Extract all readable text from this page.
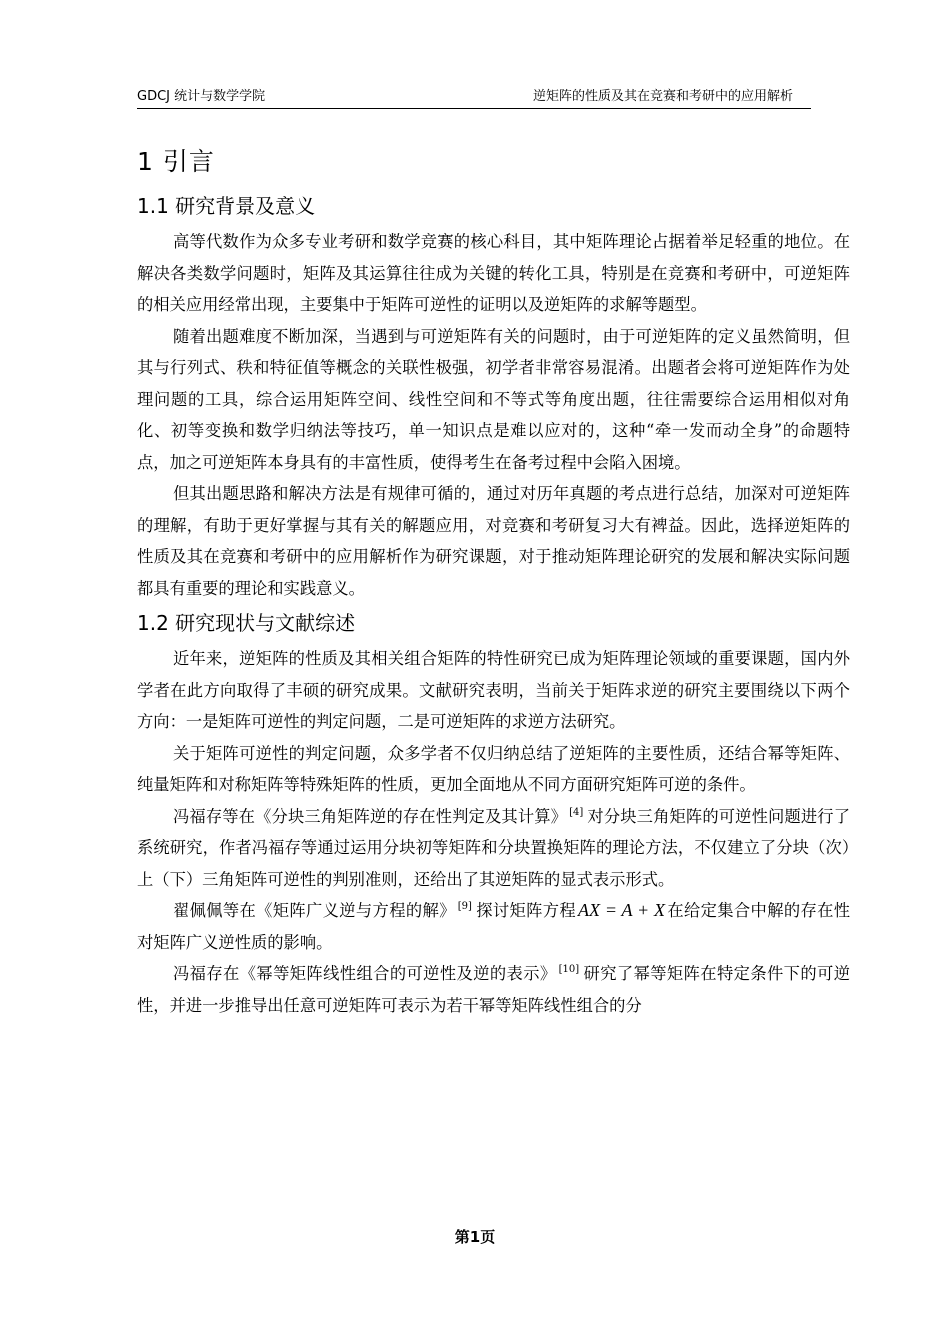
GDCJ 统计与数学学院	逆矩阵的性质及其在竞赛和考研中的应用解析
1 引言
1.1 研究背景及意义

高等代数作为众多专业考研和数学竞赛的核心科目，其中矩阵理论占据着举足轻重的地位。在解决各类数学问题时，矩阵及其运算往往成为关键的转化工具，特别是在竞赛和考研中，可逆矩阵的相关应用经常出现，主要集中于矩阵可逆性的证明以及逆矩阵的求解等题型。

随着出题难度不断加深，当遇到与可逆矩阵有关的问题时，由于可逆矩阵的定义虽然简明，但其与行列式、秩和特征值等概念的关联性极强，初学者非常容易混淆。出题者会将可逆矩阵作为处理问题的工具，综合运用矩阵空间、线性空间和不等式等角度出题，往往需要综合运用相似对角化、初等变换和数学归纳法等技巧，单一知识点是难以应对的，这种“牵一发而动全身”的命题特点，加之可逆矩阵本身具有的丰富性质，使得考生在备考过程中会陷入困境。

但其出题思路和解决方法是有规律可循的，通过对历年真题的考点进行总结，加深对可逆矩阵的理解，有助于更好掌握与其有关的解题应用，对竞赛和考研复习大有裨益。因此，选择逆矩阵的性质及其在竞赛和考研中的应用解析作为研究课题，对于推动矩阵理论研究的发展和解决实际问题都具有重要的理论和实践意义。

1.2 研究现状与文献综述

近年来，逆矩阵的性质及其相关组合矩阵的特性研究已成为矩阵理论领域的重要课题，国内外学者在此方向取得了丰硕的研究成果。文献研究表明，当前关于矩阵求逆的研究主要围绕以下两个方向：一是矩阵可逆性的判定问题，二是可逆矩阵的求逆方法研究。

关于矩阵可逆性的判定问题，众多学者不仅归纳总结了逆矩阵的主要性质，还结合幂等矩阵、纯量矩阵和对称矩阵等特殊矩阵的性质，更加全面地从不同方面研究矩阵可逆的条件。

冯福存等在《分块三角矩阵逆的存在性判定及其计算》 [4] 对分块三角矩阵的可逆性问题进行了系统研究，作者冯福存等通过运用分块初等矩阵和分块置换矩阵的理论方法，不仅建立了分块（次）上（下）三角矩阵可逆性的判别准则，还给出了其逆矩阵的显式表示形式。

翟佩佩等在《矩阵广义逆与方程的解》 [9] 探讨矩阵方程 AX = A + X 在给定集合中解的存在性对矩阵广义逆性质的影响。

冯福存在《幂等矩阵线性组合的可逆性及逆的表示》 [10] 研究了幂等矩阵在特定条件下的可逆性，并进一步推导出任意可逆矩阵可表示为若干幂等矩阵线性组合的分

第1页
